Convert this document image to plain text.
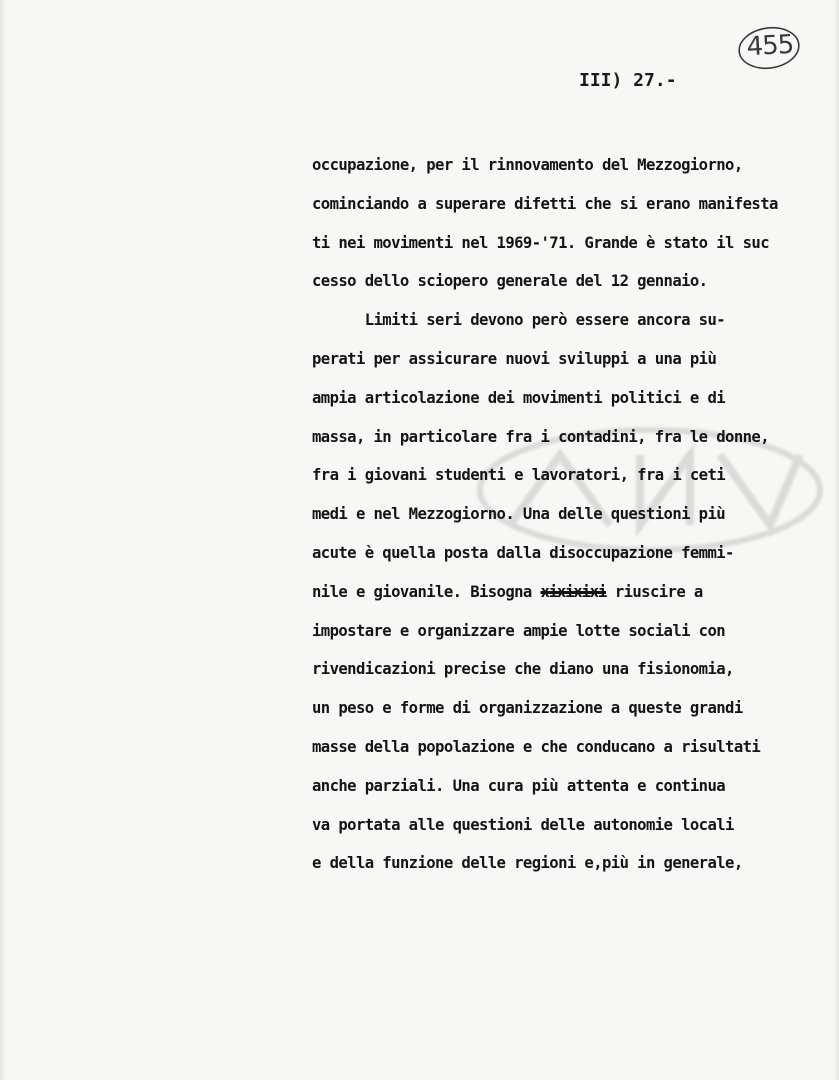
455
III) 27.-
occupazione, per il rinnovamento del Mezzogiorno,
cominciando a superare difetti che si erano manifesta
ti nei movimenti nel 1969-'71. Grande è stato il suc
cesso dello sciopero generale del 12 gennaio.
Limiti seri devono però essere ancora su-
perati per assicurare nuovi sviluppi a una più
ampia articolazione dei movimenti politici e di
massa, in particolare fra i contadini, fra le donne,
fra i giovani studenti e lavoratori, fra i ceti
medi e nel Mezzogiorno. Una delle questioni più
acute è quella posta dalla disoccupazione femmi-
nile e giovanile. Bisogna xixixixi riuscire a
impostare e organizzare ampie lotte sociali con
rivendicazioni precise che diano una fisionomia,
un peso e forme di organizzazione a queste grandi
masse della popolazione e che conducano a risultati
anche parziali. Una cura più attenta e continua
va portata alle questioni delle autonomie locali
e della funzione delle regioni e,più in generale,
